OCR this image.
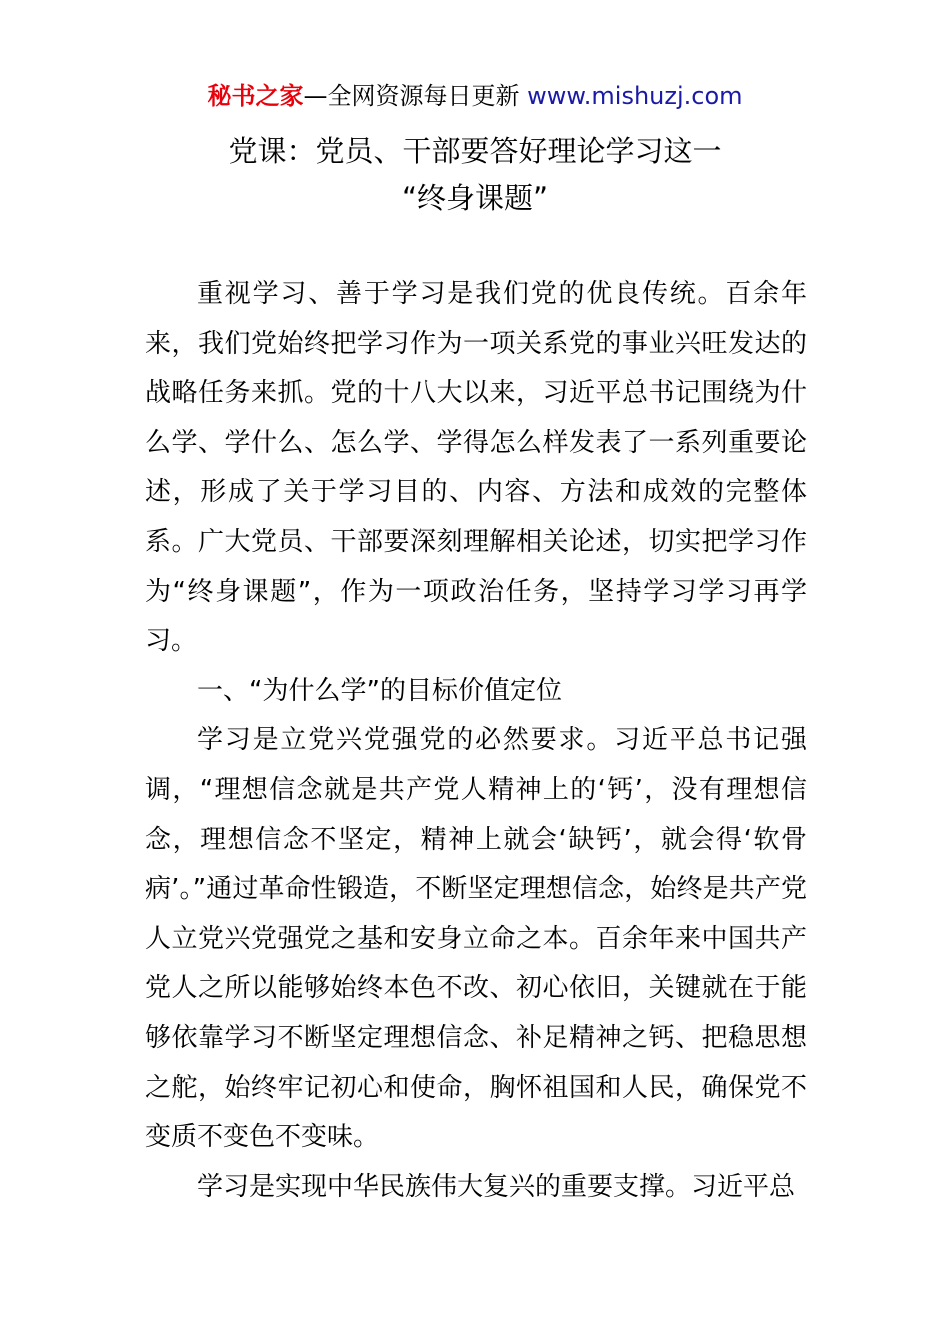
秘书之家—全网资源每日更新 www.mishuzj.com
党课：党员、干部要答好理论学习这一
“终身课题”

重视学习、善于学习是我们党的优良传统。百余年来，我们党始终把学习作为一项关系党的事业兴旺发达的战略任务来抓。党的十八大以来，习近平总书记围绕为什么学、学什么、怎么学、学得怎么样发表了一系列重要论述，形成了关于学习目的、内容、方法和成效的完整体系。广大党员、干部要深刻理解相关论述，切实把学习作为“终身课题”，作为一项政治任务，坚持学习学习再学习。

一、“为什么学”的目标价值定位

学习是立党兴党强党的必然要求。习近平总书记强调，“理想信念就是共产党人精神上的‘钙’，没有理想信念，理想信念不坚定，精神上就会‘缺钙’，就会得‘软骨病’。”通过革命性锻造，不断坚定理想信念，始终是共产党人立党兴党强党之基和安身立命之本。百余年来中国共产党人之所以能够始终本色不改、初心依旧，关键就在于能够依靠学习不断坚定理想信念、补足精神之钙、把稳思想之舵，始终牢记初心和使命，胸怀祖国和人民，确保党不变质不变色不变味。

学习是实现中华民族伟大复兴的重要支撑。习近平总
